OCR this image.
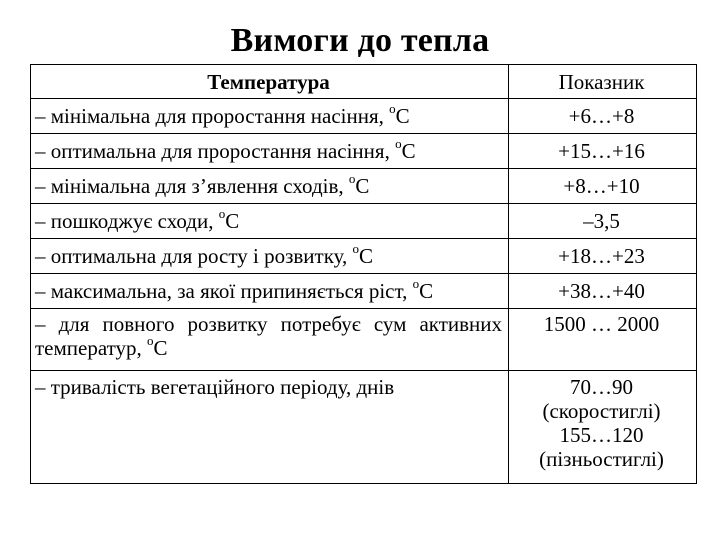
Вимоги до тепла
Температура	Показник
– мінімальна для проростання насіння, $^о$С	+6…+8
– оптимальна для проростання насіння, $^о$С	+15…+16
– мінімальна для з’явлення сходів, $^о$С	+8…+10
– пошкоджує сходи, $^о$С	–3,5
– оптимальна для росту і розвитку, $^о$С	+18…+23
– максимальна, за якої припиняється ріст, $^о$С	+38…+40
– для повного розвитку потребує сум активних температур, $^о$С	1500 … 2000
– тривалість вегетаційного періоду, днів	70…90
(скоростиглі)
155…120
(пізньостиглі)
